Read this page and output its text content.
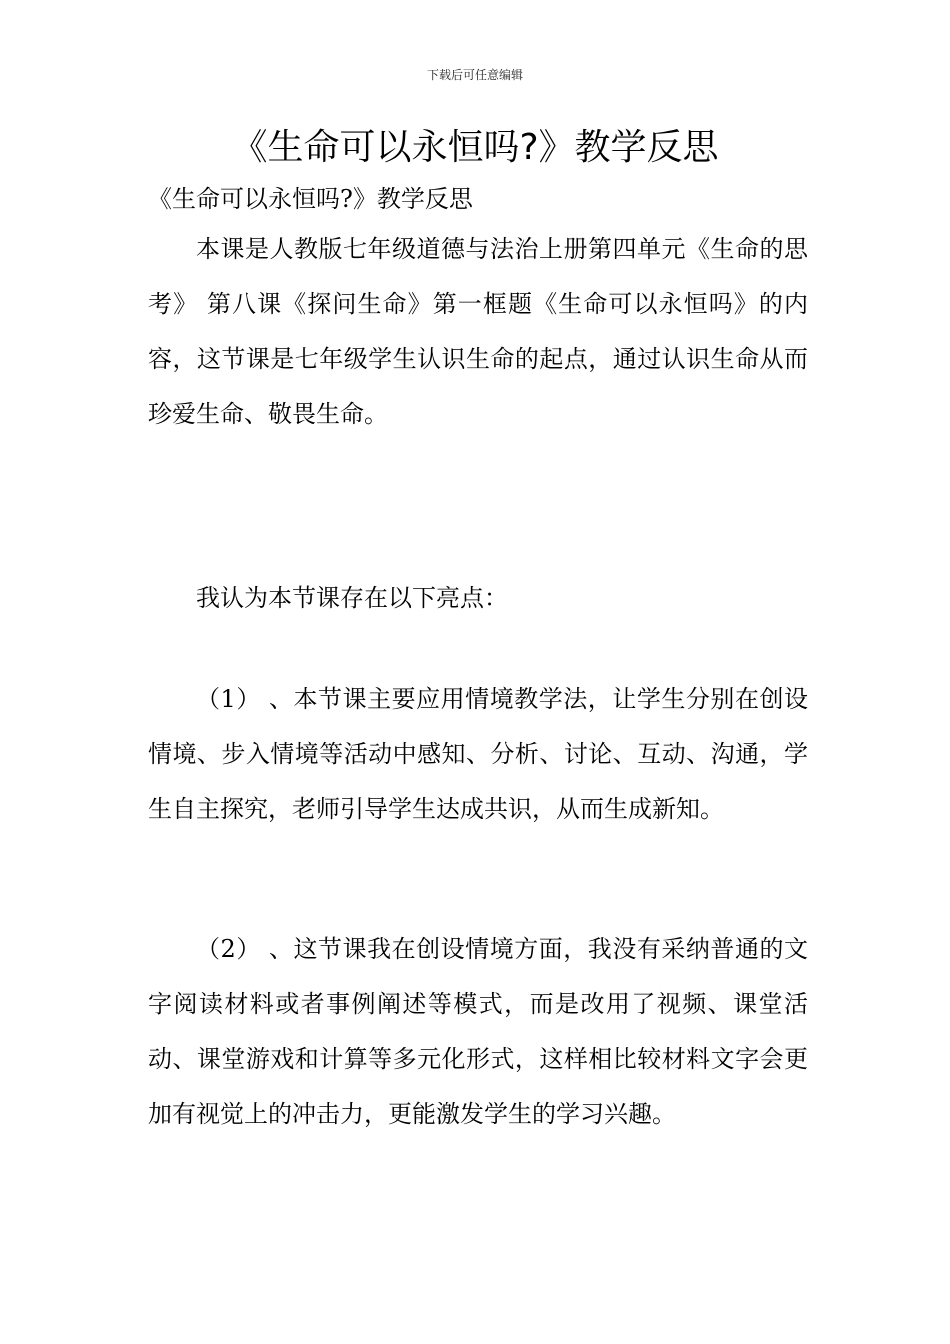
下载后可任意编辑
《生命可以永恒吗?》教学反思
《生命可以永恒吗?》教学反思

本课是人教版七年级道德与法治上册第四单元《生命的思考》 第八课《探问生命》第一框题《生命可以永恒吗》的内容，这节课是七年级学生认识生命的起点，通过认识生命从而珍爱生命、敬畏生命。

我认为本节课存在以下亮点：

（1） 、本节课主要应用情境教学法，让学生分别在创设情境、步入情境等活动中感知、分析、讨论、互动、沟通，学生自主探究，老师引导学生达成共识，从而生成新知。

（2） 、这节课我在创设情境方面，我没有采纳普通的文字阅读材料或者事例阐述等模式，而是改用了视频、课堂活动、课堂游戏和计算等多元化形式，这样相比较材料文字会更加有视觉上的冲击力，更能激发学生的学习兴趣。
